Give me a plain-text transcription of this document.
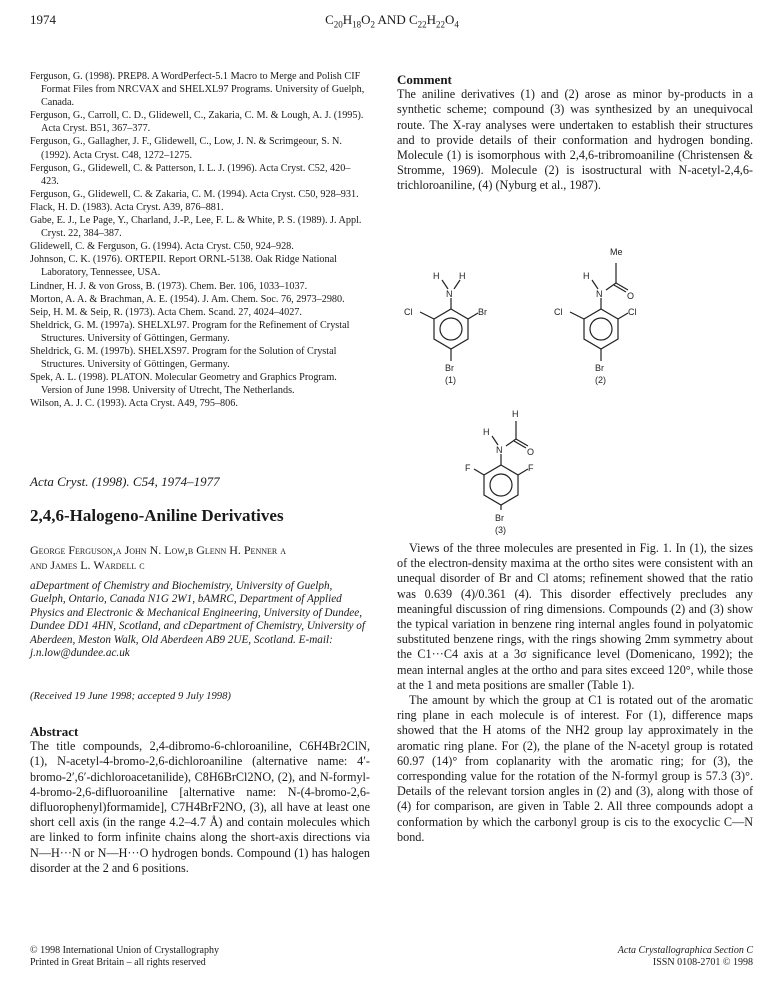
1974	$C_{20}H_{18}O_2$ AND $C_{22}H_{22}O_4$

Ferguson, G. (1998). PREP8. A WordPerfect-5.1 Macro to Merge and Polish CIF Format Files from NRCVAX and SHELXL97 Programs. University of Guelph, Canada.

Ferguson, G., Carroll, C. D., Glidewell, C., Zakaria, C. M. & Lough, A. J. (1995). Acta Cryst. B51, 367–377.

Ferguson, G., Gallagher, J. F., Glidewell, C., Low, J. N. & Scrimgeour, S. N. (1992). Acta Cryst. C48, 1272–1275.

Ferguson, G., Glidewell, C. & Patterson, I. L. J. (1996). Acta Cryst. C52, 420–423.

Ferguson, G., Glidewell, C. & Zakaria, C. M. (1994). Acta Cryst. C50, 928–931.

Flack, H. D. (1983). Acta Cryst. A39, 876–881.

Gabe, E. J., Le Page, Y., Charland, J.-P., Lee, F. L. & White, P. S. (1989). J. Appl. Cryst. 22, 384–387.

Glidewell, C. & Ferguson, G. (1994). Acta Cryst. C50, 924–928.

Johnson, C. K. (1976). ORTEPII. Report ORNL-5138. Oak Ridge National Laboratory, Tennessee, USA.

Lindner, H. J. & von Gross, B. (1973). Chem. Ber. 106, 1033–1037.

Morton, A. A. & Brachman, A. E. (1954). J. Am. Chem. Soc. 76, 2973–2980.

Seip, H. M. & Seip, R. (1973). Acta Chem. Scand. 27, 4024–4027.

Sheldrick, G. M. (1997a). SHELXL97. Program for the Refinement of Crystal Structures. University of Göttingen, Germany.

Sheldrick, G. M. (1997b). SHELXS97. Program for the Solution of Crystal Structures. University of Göttingen, Germany.

Spek, A. L. (1998). PLATON. Molecular Geometry and Graphics Program. Version of June 1998. University of Utrecht, The Netherlands.

Wilson, A. J. C. (1993). Acta Cryst. A49, 795–806.

Comment

The aniline derivatives (1) and (2) arose as minor by-products in a synthetic scheme; compound (3) was synthesized by an unequivocal route. The X-ray analyses were undertaken to establish their structures and to provide details of their conformation and hydrogen bonding. Molecule (1) is isomorphous with 2,4,6-tribromoaniline (Christensen & Stromme, 1969). Molecule (2) is isostructural with N-acetyl-2,4,6-trichloroaniline, (4) (Nyburg et al., 1987).

H
N
H
Cl	Br
Br
(1)
Me
H
N	O
Cl	Cl
Br
(2)
H
H
N	O
F	F
Br
(3)
Acta Cryst. (1998). C54, 1974–1977
2,4,6-Halogeno-Aniline Derivatives
George Ferguson,a John N. Low,b Glenn H. Penner a
and James L. Wardell c
aDepartment of Chemistry and Biochemistry, University of Guelph, Guelph, Ontario, Canada N1G 2W1, bAMRC, Department of Applied Physics and Electronic & Mechanical Engineering, University of Dundee, Dundee DD1 4HN, Scotland, and cDepartment of Chemistry, University of Aberdeen, Meston Walk, Old Aberdeen AB9 2UE, Scotland. E-mail: j.n.low@dundee.ac.uk
(Received 19 June 1998; accepted 9 July 1998)
Abstract

The title compounds, 2,4-dibromo-6-chloroaniline, C6H4Br2ClN, (1), N-acetyl-4-bromo-2,6-dichloroaniline (alternative name: 4′-bromo-2′,6′-dichloroacetanilide), C8H6BrCl2NO, (2), and N-formyl-4-bromo-2,6-difluoroaniline [alternative name: N-(4-bromo-2,6-difluorophenyl)formamide], C7H4BrF2NO, (3), all have at least one short cell axis (in the range 4.2–4.7 Å) and contain molecules which are linked to form infinite chains along the short-axis directions via N—H···N or N—H···O hydrogen bonds. Compound (1) has halogen disorder at the 2 and 6 positions.

Views of the three molecules are presented in Fig. 1. In (1), the sizes of the electron-density maxima at the ortho sites were consistent with an unequal disorder of Br and Cl atoms; refinement showed that the ratio was 0.639 (4)/0.361 (4). This disorder effectively precludes any meaningful discussion of ring dimensions. Compounds (2) and (3) show the typical variation in benzene ring internal angles found in polyatomic substituted benzene rings, with the rings showing 2mm symmetry about the C1···C4 axis at a 3σ significance level (Domenicano, 1992); the mean internal angles at the ortho and para sites exceed 120°, while those at the 1 and meta positions are smaller (Table 1).

The amount by which the group at C1 is rotated out of the aromatic ring plane in each molecule is of interest. For (1), difference maps showed that the H atoms of the NH2 group lay approximately in the aromatic ring plane. For (2), the plane of the N-acetyl group is rotated 60.97 (14)° from coplanarity with the aromatic ring; for (3), the corresponding value for the rotation of the N-formyl group is 57.3 (3)°. Details of the relevant torsion angles in (2) and (3), along with those of (4) for comparison, are given in Table 2. All three compounds adopt a conformation by which the carbonyl group is cis to the exocyclic C—N bond.

© 1998 International Union of Crystallography
Printed in Great Britain – all rights reserved
Acta Crystallographica Section C
ISSN 0108-2701 © 1998
